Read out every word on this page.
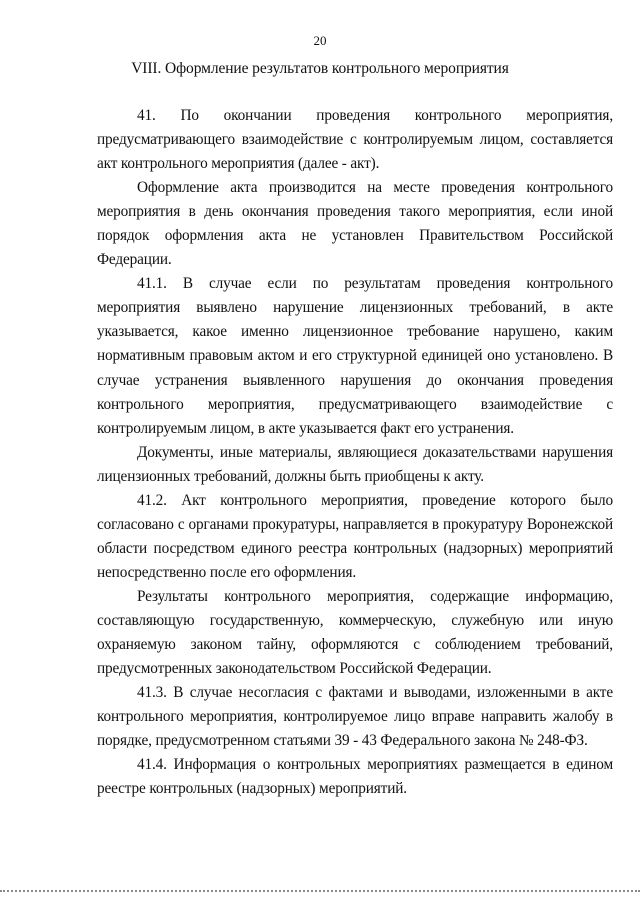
20
VIII. Оформление результатов контрольного мероприятия

41. По окончании проведения контрольного мероприятия, предусматривающего взаимодействие с контролируемым лицом, составляется акт контрольного мероприятия (далее - акт).

Оформление акта производится на месте проведения контрольного мероприятия в день окончания проведения такого мероприятия, если иной порядок оформления акта не установлен Правительством Российской Федерации.

41.1. В случае если по результатам проведения контрольного мероприятия выявлено нарушение лицензионных требований, в акте указывается, какое именно лицензионное требование нарушено, каким нормативным правовым актом и его структурной единицей оно установлено. В случае устранения выявленного нарушения до окончания проведения контрольного мероприятия, предусматривающего взаимодействие с контролируемым лицом, в акте указывается факт его устранения.

Документы, иные материалы, являющиеся доказательствами нарушения лицензионных требований, должны быть приобщены к акту.

41.2. Акт контрольного мероприятия, проведение которого было согласовано с органами прокуратуры, направляется в прокуратуру Воронежской области посредством единого реестра контрольных (надзорных) мероприятий непосредственно после его оформления.

Результаты контрольного мероприятия, содержащие информацию, составляющую государственную, коммерческую, служебную или иную охраняемую законом тайну, оформляются с соблюдением требований, предусмотренных законодательством Российской Федерации.

41.3. В случае несогласия с фактами и выводами, изложенными в акте контрольного мероприятия, контролируемое лицо вправе направить жалобу в порядке, предусмотренном статьями 39 - 43 Федерального закона № 248-ФЗ.

41.4. Информация о контрольных мероприятиях размещается в едином реестре контрольных (надзорных) мероприятий.
